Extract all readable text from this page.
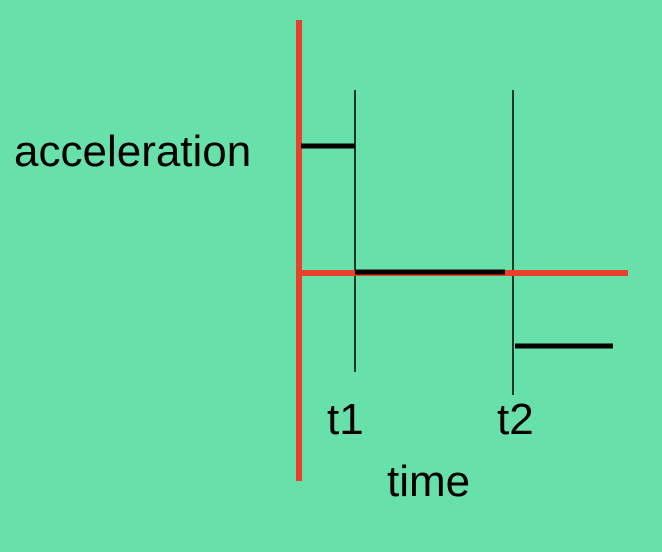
acceleration
t1	t2
time
